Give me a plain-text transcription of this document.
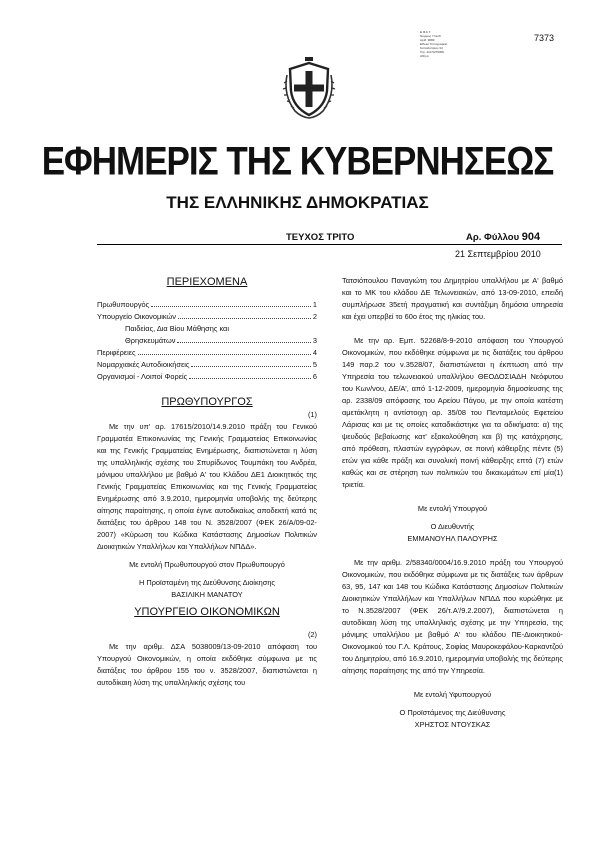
Ε.Φ.Κ.Γ.
Νόμιμος Υπεύθ.
Αριθ. 9089
Εθνικό Τυπογραφείο
Καποδιστρίου 34
Τηλ. 210 5279000
Αθήνα
7373
ΕΦΗΜΕΡΙΣ ΤΗΣ ΚΥΒΕΡΝΗΣΕΩΣ
ΤΗΣ ΕΛΛΗΝΙΚΗΣ ΔΗΜΟΚΡΑΤΙΑΣ
ΤΕΥΧΟΣ ΤΡΙΤΟ	Αρ. Φύλλου 904
21 Σεπτεμβρίου 2010

ΠΕΡΙΕΧΟΜΕΝΑ

Πρωθυπουργός	1
Υπουργείο Οικονομικών	2
Παιδείας, Δια Βίου Μάθησης και
Θρησκευμάτων	3
Περιφέρειες	4
Νομαρχιακές Αυτοδιοικήσεις	5
Οργανισμοί - Λοιποί Φορείς	6

ΠΡΩΘΥΠΟΥΡΓΟΣ

(1)

Με την υπ' αρ. 17615/2010/14.9.2010 πράξη του Γενικού Γραμματέα Επικοινωνίας της Γενικής Γραμματείας Επικοινωνίας και της Γενικής Γραμματείας Ενημέρωσης, διαπιστώνεται η λύση της υπαλληλικής σχέσης του Σπυρίδωνος Τουμπάκη του Ανδρέα, μόνιμου υπαλλήλου με βαθμό Α' του Κλάδου ΔΕ1 Διοικητικός της Γενικής Γραμματείας Επικοινωνίας και της Γενικής Γραμματείας Ενημέρωσης από 3.9.2010, ημερομηνία υποβολής της δεύτερης αίτησης παραίτησης, η οποία έγινε αυτοδικαίως αποδεκτή κατά τις διατάξεις του άρθρου 148 του Ν. 3528/2007 (ΦΕΚ 26/Α/09-02-2007) «Κύρωση του Κώδικα Κατάστασης Δημοσίων Πολιτικών Διοικητικών Υπαλλήλων και Υπαλλήλων ΝΠΔΔ».

Με εντολή Πρωθυπουργού στον Πρωθυπουργό
Η Προϊσταμένη της Διεύθυνσης Διοίκησης
ΒΑΣΙΛΙΚΗ ΜΑΝΑΤΟΥ

ΥΠΟΥΡΓΕΙΟ ΟΙΚΟΝΟΜΙΚΩΝ

(2)

Με την αριθμ. ΔΣΑ 5038009/13-09-2010 απόφαση του Υπουργού Οικονομικών, η οποία εκδόθηκε σύμφωνα με τις διατάξεις του άρθρου 155 του ν. 3528/2007, διαπιστώνεται η αυτοδίκαιη λύση της υπαλληλικής σχέσης του

Τατσιόπουλου Παναγιώτη του Δημητρίου υπαλλήλου με Α' βαθμό και το ΜΚ του κλάδου ΔΕ Τελωνειακών, από 13-09-2010, επειδή συμπλήρωσε 35ετή πραγματική και συντάξιμη δημόσια υπηρεσία και έχει υπερβεί το 60ο έτος της ηλικίας του.

Με την αρ. Εμπ. 52268/8-9-2010 απόφαση του Υπουργού Οικονομικών, που εκδόθηκε σύμφωνα με τις διατάξεις του άρθρου 149 παρ.2 του ν.3528/07, διαπιστώνεται η έκπτωση από την Υπηρεσία του τελωνειακού υπαλλήλου ΘΕΟΔΟΣΙΑΔΗ Νεόφυτου του Κων/νου, ΔΕ/Α', από 1-12-2009, ημερομηνία δημοσίευσης της αρ. 2338/09 απόφασης του Αρείου Πάγου, με την οποία κατέστη αμετάκλητη η αντίστοιχη αρ. 35/08 του Πενταμελούς Εφετείου Λάρισας και με τις οποίες καταδικάστηκε για τα αδικήματα: α) της ψευδούς βεβαίωσης κατ' εξακολούθηση και β) της κατάχρησης, από πρόθεση, πλαστών εγγράφων, σε ποινή κάθειρξης πέντε (5) ετών για κάθε πράξη και συνολική ποινή κάθειρξης επτά (7) ετών καθώς και σε στέρηση των πολιτικών του δικαιωμάτων επί μία(1) τριετία.

Με εντολή Υπουργού
Ο Διευθυντής
ΕΜΜΑΝΟΥΗΛ ΠΑΛΟΥΡΗΣ

Με την αριθμ. 2/58340/0004/16.9.2010 πράξη του Υπουργού Οικονομικών, που εκδόθηκε σύμφωνα με τις διατάξεις των άρθρων 63, 95, 147 και 148 του Κώδικα Κατάστασης Δημοσίων Πολιτικών Διοικητικών Υπαλλήλων και Υπαλλήλων ΝΠΔΔ που κυρώθηκε με το Ν.3528/2007 (ΦΕΚ 26/τ.Α'/9.2.2007), διαπιστώνεται η αυτοδίκαιη λύση της υπαλληλικής σχέσης με την Υπηρεσία, της μόνιμης υπαλλήλου με βαθμό Α' του κλάδου ΠΕ-Διοικητικού-Οικονομικού του Γ.Λ. Κράτους, Σοφίας Μαυροκεφάλου-Καρκαντζού του Δημητρίου, από 16.9.2010, ημερομηνία υποβολής της δεύτερης αίτησης παραίτησης της από την Υπηρεσία.

Με εντολή Υφυπουργού
Ο Προϊστάμενος της Διεύθυνσης
ΧΡΗΣΤΟΣ ΝΤΟΥΣΚΑΣ
